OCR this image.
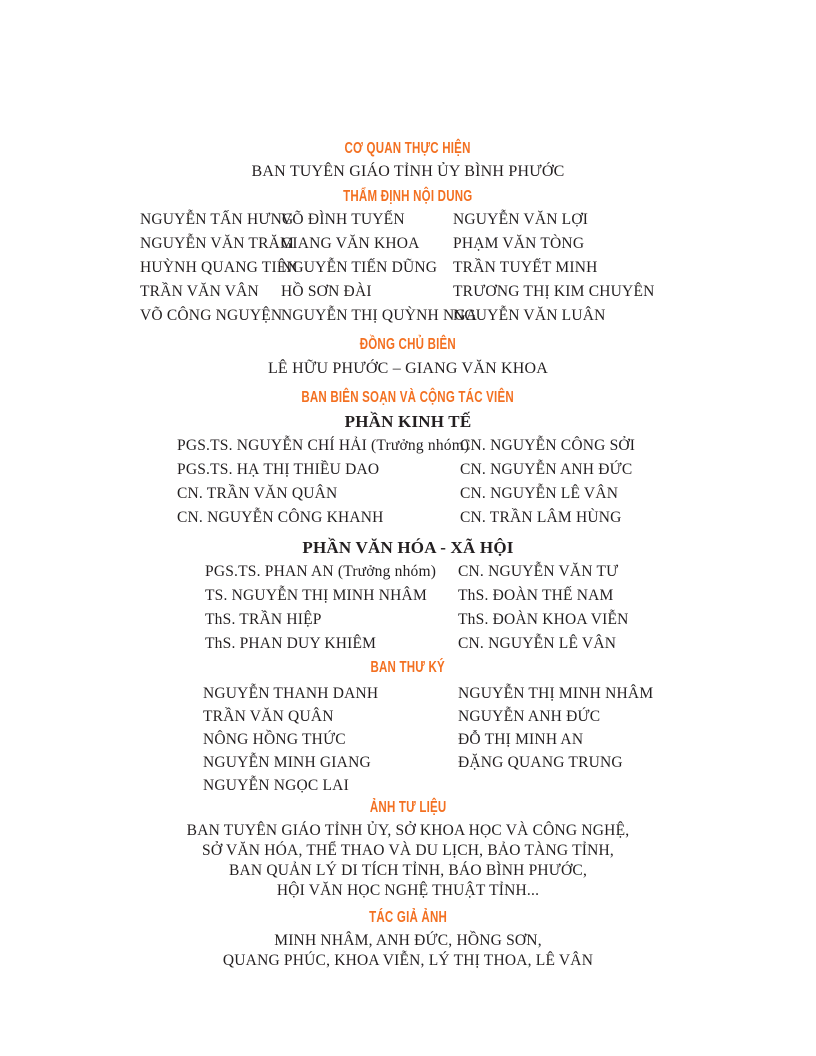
CƠ QUAN THỰC HIỆN
BAN TUYÊN GIÁO TỈNH ỦY BÌNH PHƯỚC
THẨM ĐỊNH NỘI DUNG
NGUYỄN TẤN HƯNG
NGUYỄN VĂN TRĂM
HUỲNH QUANG TIÊN
TRẦN VĂN VÂN
VÕ CÔNG NGUYỆN
VÕ ĐÌNH TUYẾN
GIANG VĂN KHOA
NGUYỄN TIẾN DŨNG
HỒ SƠN ĐÀI
NGUYỄN THỊ QUỲNH NGA
NGUYỄN VĂN LỢI
PHẠM VĂN TÒNG
TRẦN TUYẾT MINH
TRƯƠNG THỊ KIM CHUYÊN
NGUYỄN VĂN LUÂN
ĐỒNG CHỦ BIÊN
LÊ HỮU PHƯỚC – GIANG VĂN KHOA
BAN BIÊN SOẠN VÀ CỘNG TÁC VIÊN
PHẦN KINH TẾ
PGS.TS. NGUYỄN CHÍ HẢI (Trưởng nhóm)
PGS.TS. HẠ THỊ THIỀU DAO
CN. TRẦN VĂN QUÂN
CN. NGUYỄN CÔNG KHANH
CN. NGUYỄN CÔNG SỞI
CN. NGUYỄN ANH ĐỨC
CN. NGUYỄN LÊ VÂN
CN. TRẦN LÂM HÙNG
PHẦN VĂN HÓA - XÃ HỘI
PGS.TS. PHAN AN (Trưởng nhóm)
TS. NGUYỄN THỊ MINH NHÂM
ThS. TRẦN HIỆP
ThS. PHAN DUY KHIÊM
CN. NGUYỄN VĂN TƯ
ThS. ĐOÀN THẾ NAM
ThS. ĐOÀN KHOA VIỄN
CN. NGUYỄN LÊ VÂN
BAN THƯ KÝ
NGUYỄN THANH DANH
TRẦN VĂN QUÂN
NÔNG HỒNG THỨC
NGUYỄN MINH GIANG
NGUYỄN NGỌC LAI
NGUYỄN THỊ MINH NHÂM
NGUYỄN ANH ĐỨC
ĐỖ THỊ MINH AN
ĐẶNG QUANG TRUNG
ẢNH TƯ LIỆU
BAN TUYÊN GIÁO TỈNH ỦY, SỞ KHOA HỌC VÀ CÔNG NGHỆ,
SỞ VĂN HÓA, THỂ THAO VÀ DU LỊCH, BẢO TÀNG TỈNH,
BAN QUẢN LÝ DI TÍCH TỈNH, BÁO BÌNH PHƯỚC,
HỘI VĂN HỌC NGHỆ THUẬT TỈNH...
TÁC GIẢ ẢNH
MINH NHÂM, ANH ĐỨC, HỒNG SƠN,
QUANG PHÚC, KHOA VIỄN, LÝ THỊ THOA, LÊ VÂN
